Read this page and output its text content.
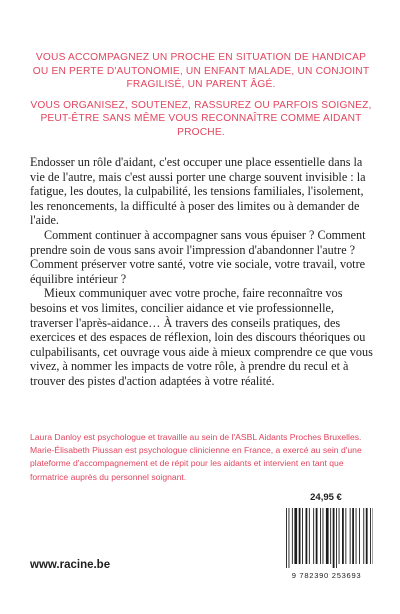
VOUS ACCOMPAGNEZ UN PROCHE EN SITUATION DE HANDICAP OU EN PERTE D'AUTONOMIE, UN ENFANT MALADE, UN CONJOINT FRAGILISÉ, UN PARENT ÂGÉ.

VOUS ORGANISEZ, SOUTENEZ, RASSUREZ OU PARFOIS SOIGNEZ, PEUT-ÊTRE SANS MÊME VOUS RECONNAÎTRE COMME AIDANT PROCHE.

Endosser un rôle d'aidant, c'est occuper une place essentielle dans la vie de l'autre, mais c'est aussi porter une charge souvent invisible : la fatigue, les doutes, la culpabilité, les tensions familiales, l'isolement, les renoncements, la difficulté à poser des limites ou à demander de l'aide.

Comment continuer à accompagner sans vous épuiser ? Comment prendre soin de vous sans avoir l'impression d'abandonner l'autre ? Comment préserver votre santé, votre vie sociale, votre travail, votre équilibre intérieur ?

Mieux communiquer avec votre proche, faire reconnaître vos besoins et vos limites, concilier aidance et vie professionnelle, traverser l'après-aidance… À travers des conseils pratiques, des exercices et des espaces de réflexion, loin des discours théoriques ou culpabilisants, cet ouvrage vous aide à mieux comprendre ce que vous vivez, à nommer les impacts de votre rôle, à prendre du recul et à trouver des pistes d'action adaptées à votre réalité.

Laura Danloy est psychologue et travaille au sein de l'ASBL Aidants Proches Bruxelles. Marie-Élisabeth Piussan est psychologue clinicienne en France, a exercé au sein d'une plateforme d'accompagnement et de répit pour les aidants et intervient en tant que formatrice auprès du personnel soignant.

24,95 €
9 782390 253693
www.racine.be
